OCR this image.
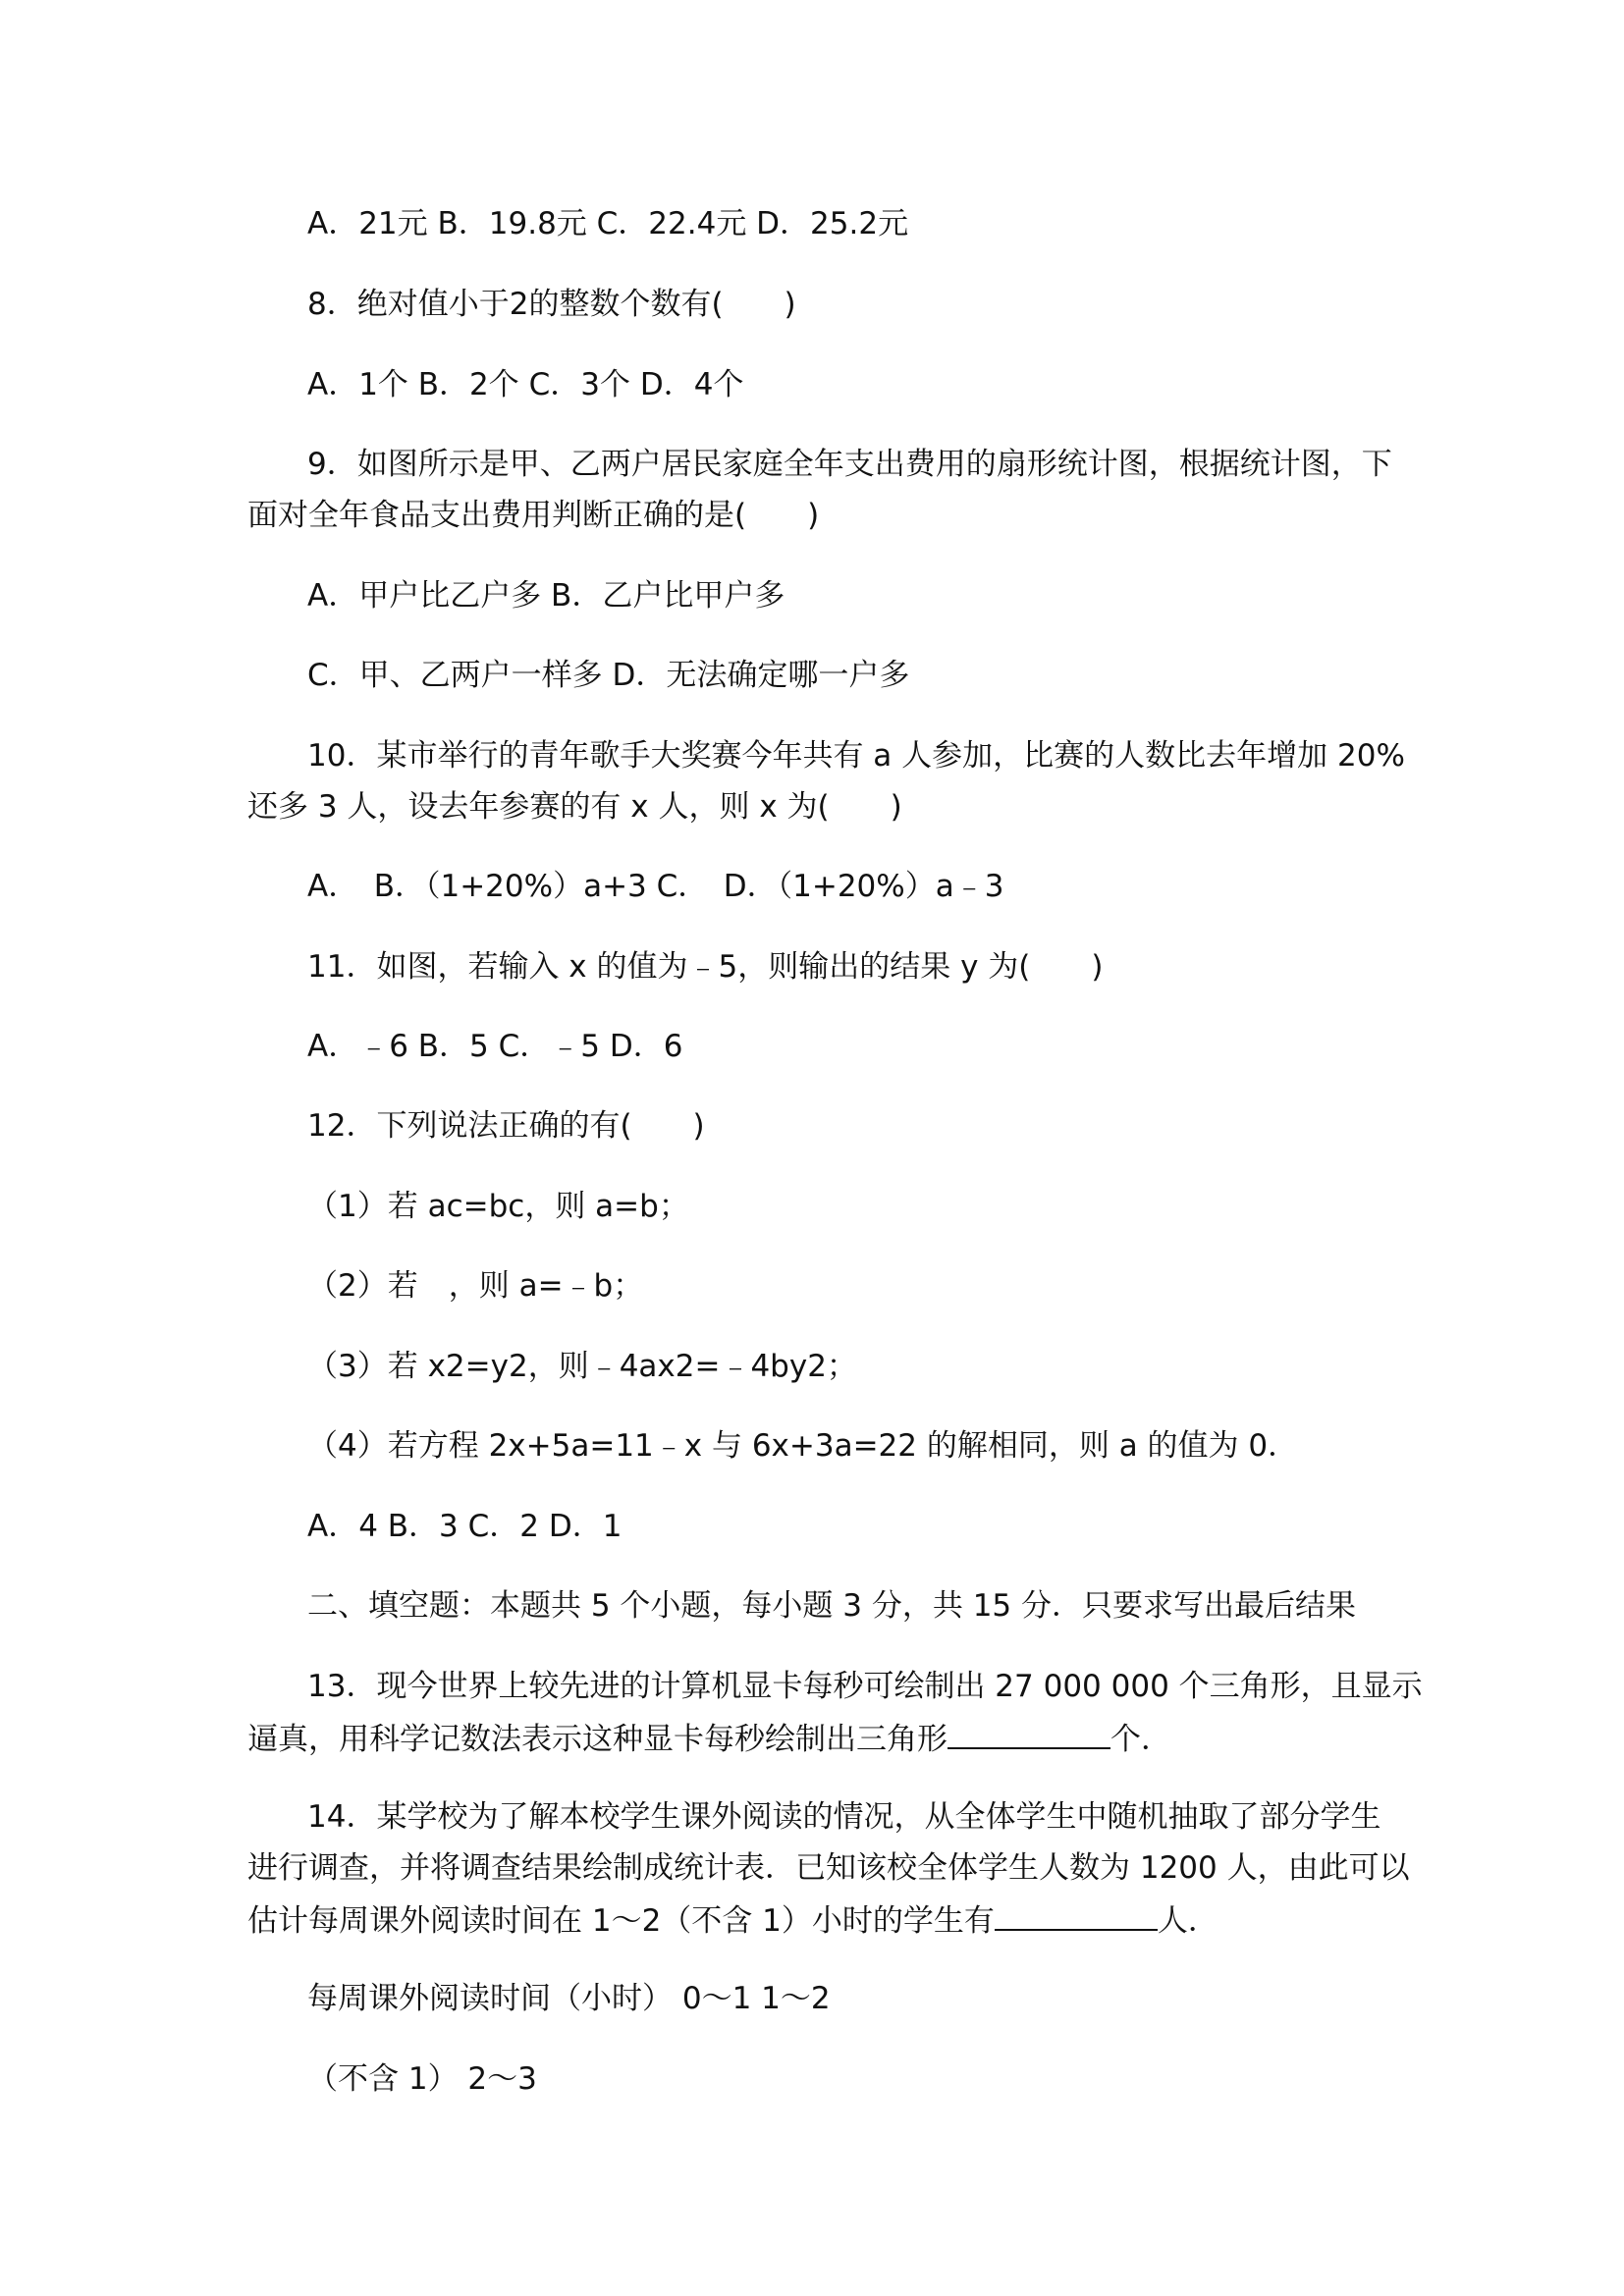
A．21元 B．19.8元 C．22.4元 D．25.2元
8．绝对值小于2的整数个数有(　　)
A．1个 B．2个 C．3个 D．4个
9．如图所示是甲、乙两户居民家庭全年支出费用的扇形统计图，根据统计图，下
面对全年食品支出费用判断正确的是(　　)
A．甲户比乙户多 B．乙户比甲户多
C．甲、乙两户一样多 D．无法确定哪一户多
10．某市举行的青年歌手大奖赛今年共有 a 人参加，比赛的人数比去年增加 20%
还多 3 人，设去年参赛的有 x 人，则 x 为(　　)
A．　B．（1+20%）a+3 C．　D．（1+20%）a﹣3
11．如图，若输入 x 的值为﹣5，则输出的结果 y 为(　　)
A．﹣6 B．5 C．﹣5 D．6
12．下列说法正确的有(　　)
（1）若 ac=bc，则 a=b；
（2）若　，则 a=﹣b；
（3）若 x2=y2，则﹣4ax2=﹣4by2；
（4）若方程 2x+5a=11﹣x 与 6x+3a=22 的解相同，则 a 的值为 0．
A．4 B．3 C．2 D．1
二、填空题：本题共 5 个小题，每小题 3 分，共 15 分．只要求写出最后结果
13．现今世界上较先进的计算机显卡每秒可绘制出 27 000 000 个三角形，且显示
逼真，用科学记数法表示这种显卡每秒绘制出三角形	个．
14．某学校为了解本校学生课外阅读的情况，从全体学生中随机抽取了部分学生
进行调查，并将调查结果绘制成统计表．已知该校全体学生人数为 1200 人，由此可以
估计每周课外阅读时间在 1～2（不含 1）小时的学生有	人．
每周课外阅读时间（小时） 0～1 1～2
（不含 1） 2～3
